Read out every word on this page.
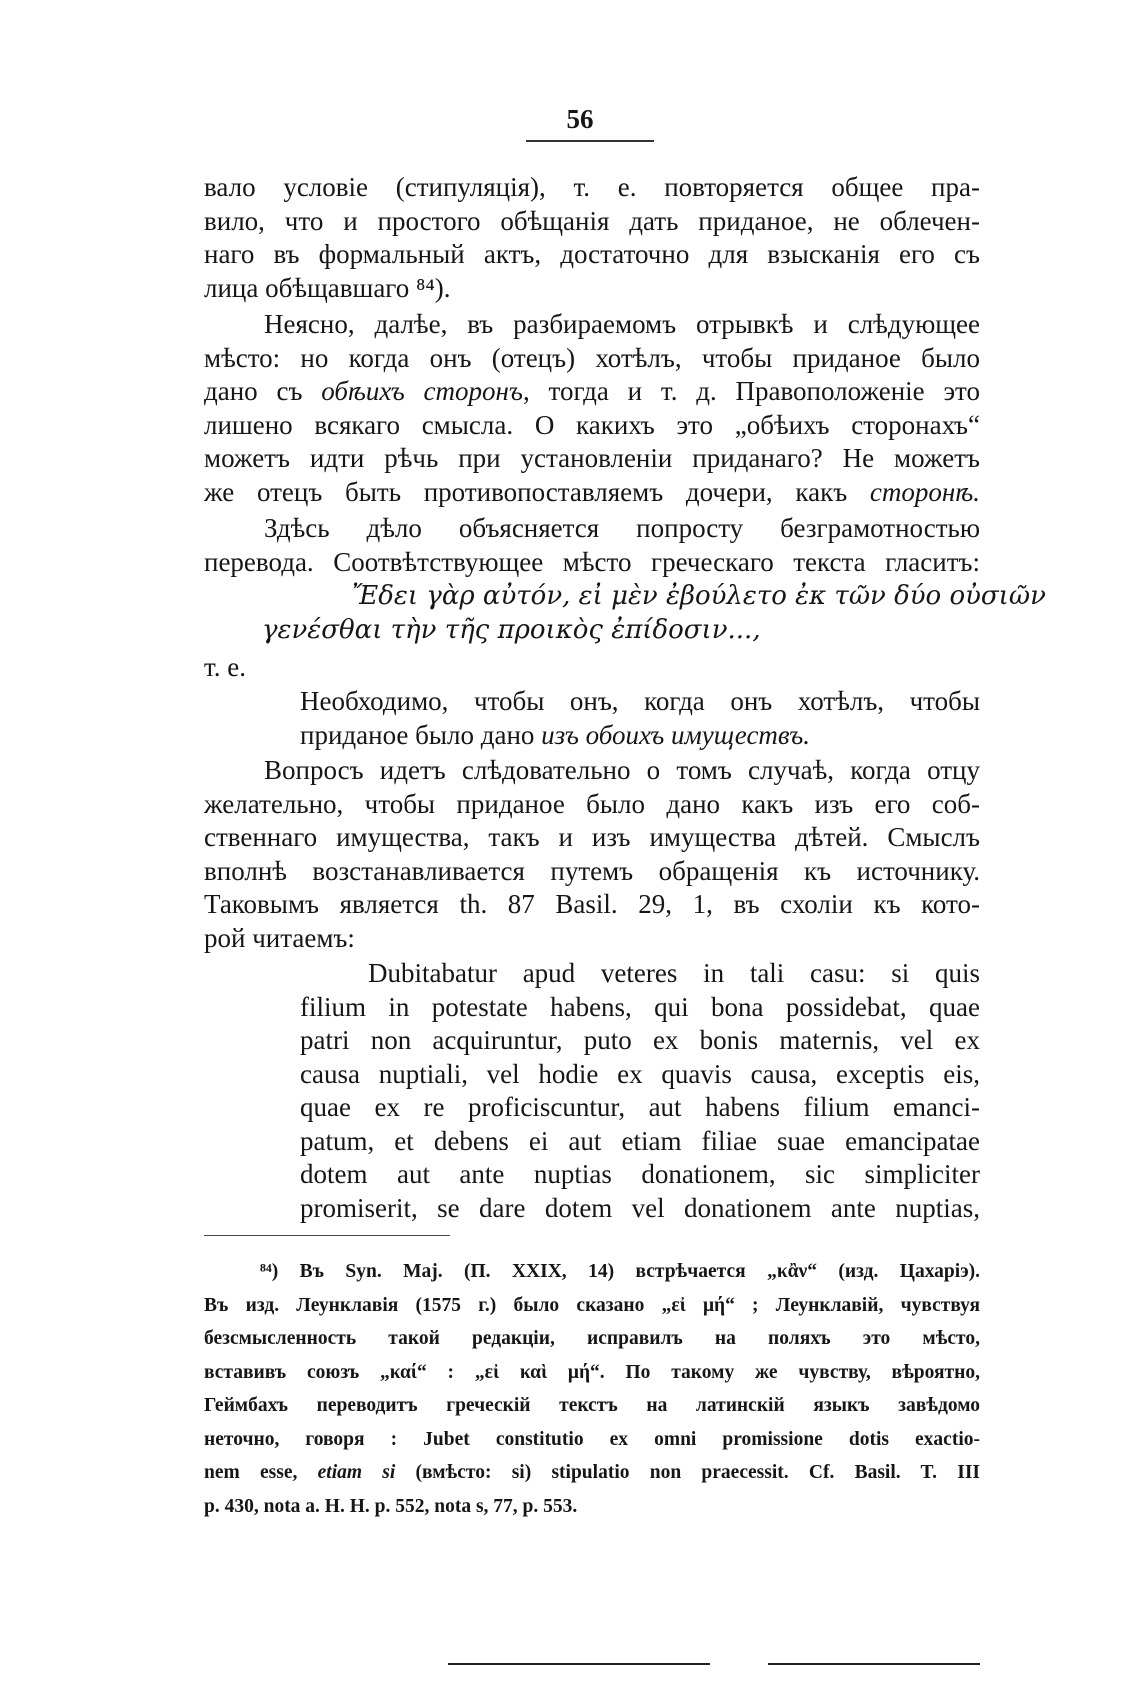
56
вало условіе (стипуляція), т. е. повторяется общее пра-
вило, что и простого обѣщанія дать приданое, не облечен-
наго въ формальный актъ, достаточно для взысканія его съ
лица обѣщавшаго ⁸⁴).
Неясно, далѣе, въ разбираемомъ отрывкѣ и слѣдующее
мѣсто: но когда онъ (отецъ) хотѣлъ, чтобы приданое было
дано съ обѣихъ сторонъ, тогда и т. д. Правоположеніе это
лишено всякаго смысла. О какихъ это „обѣихъ сторонахъ“
можетъ идти рѣчь при установленіи приданаго? Не можетъ
же отецъ быть противопоставляемъ дочери, какъ сторонѣ.
Здѣсь дѣло объясняется попросту безграмотностью
перевода. Соотвѣтствующее мѣсто греческаго текста гласитъ:
Ἔδει γὰρ αὐτόν, εἰ μὲν ἐβούλετο ἐκ τῶν δύο οὐσιῶν
γενέσθαι τὴν τῆς προικὸς ἐπίδοσιν...,
т. е.
Необходимо, чтобы онъ, когда онъ хотѣлъ, чтобы
приданое было дано изъ обоихъ имуществъ.
Вопросъ идетъ слѣдовательно о томъ случаѣ, когда отцу
желательно, чтобы приданое было дано какъ изъ его соб-
ственнаго имущества, такъ и изъ имущества дѣтей. Смыслъ
вполнѣ возстанавливается путемъ обращенія къ источнику.
Таковымъ является th. 87 Basil. 29, 1, въ схоліи къ кото-
рой читаемъ:
Dubitabatur apud veteres in tali casu: si quis
filium in potestate habens, qui bona possidebat, quae
patri non acquiruntur, puto ex bonis maternis, vel ex
causa nuptiali, vel hodie ex quavis causa, exceptis eis,
quae ex re proficiscuntur, aut habens filium emanci-
patum, et debens ei aut etiam filiae suae emancipatae
dotem aut ante nuptias donationem, sic simpliciter
promiserit, se dare dotem vel donationem ante nuptias,
⁸⁴) Въ Syn. Maj. (П. XXIX, 14) встрѣчается „κἂν“ (изд. Цахаріэ).
Въ изд. Леунклавія (1575 г.) было сказано „εἰ μή“ ; Леунклавій, чувствуя
безсмысленность такой редакціи, исправилъ на поляхъ это мѣсто,
вставивъ союзъ „καί“ : „εἰ καὶ μή“. По такому же чувству, вѣроятно,
Геймбахъ переводитъ греческій текстъ на латинскій языкъ завѣдомо
неточно, говоря : Jubet constitutio ex omni promissione dotis exactio-
nem esse, etiam si (вмѣсто: si) stipulatio non praecessit. Cf. Basil. T. III
p. 430, nota a. H. H. p. 552, nota s, 77, p. 553.
